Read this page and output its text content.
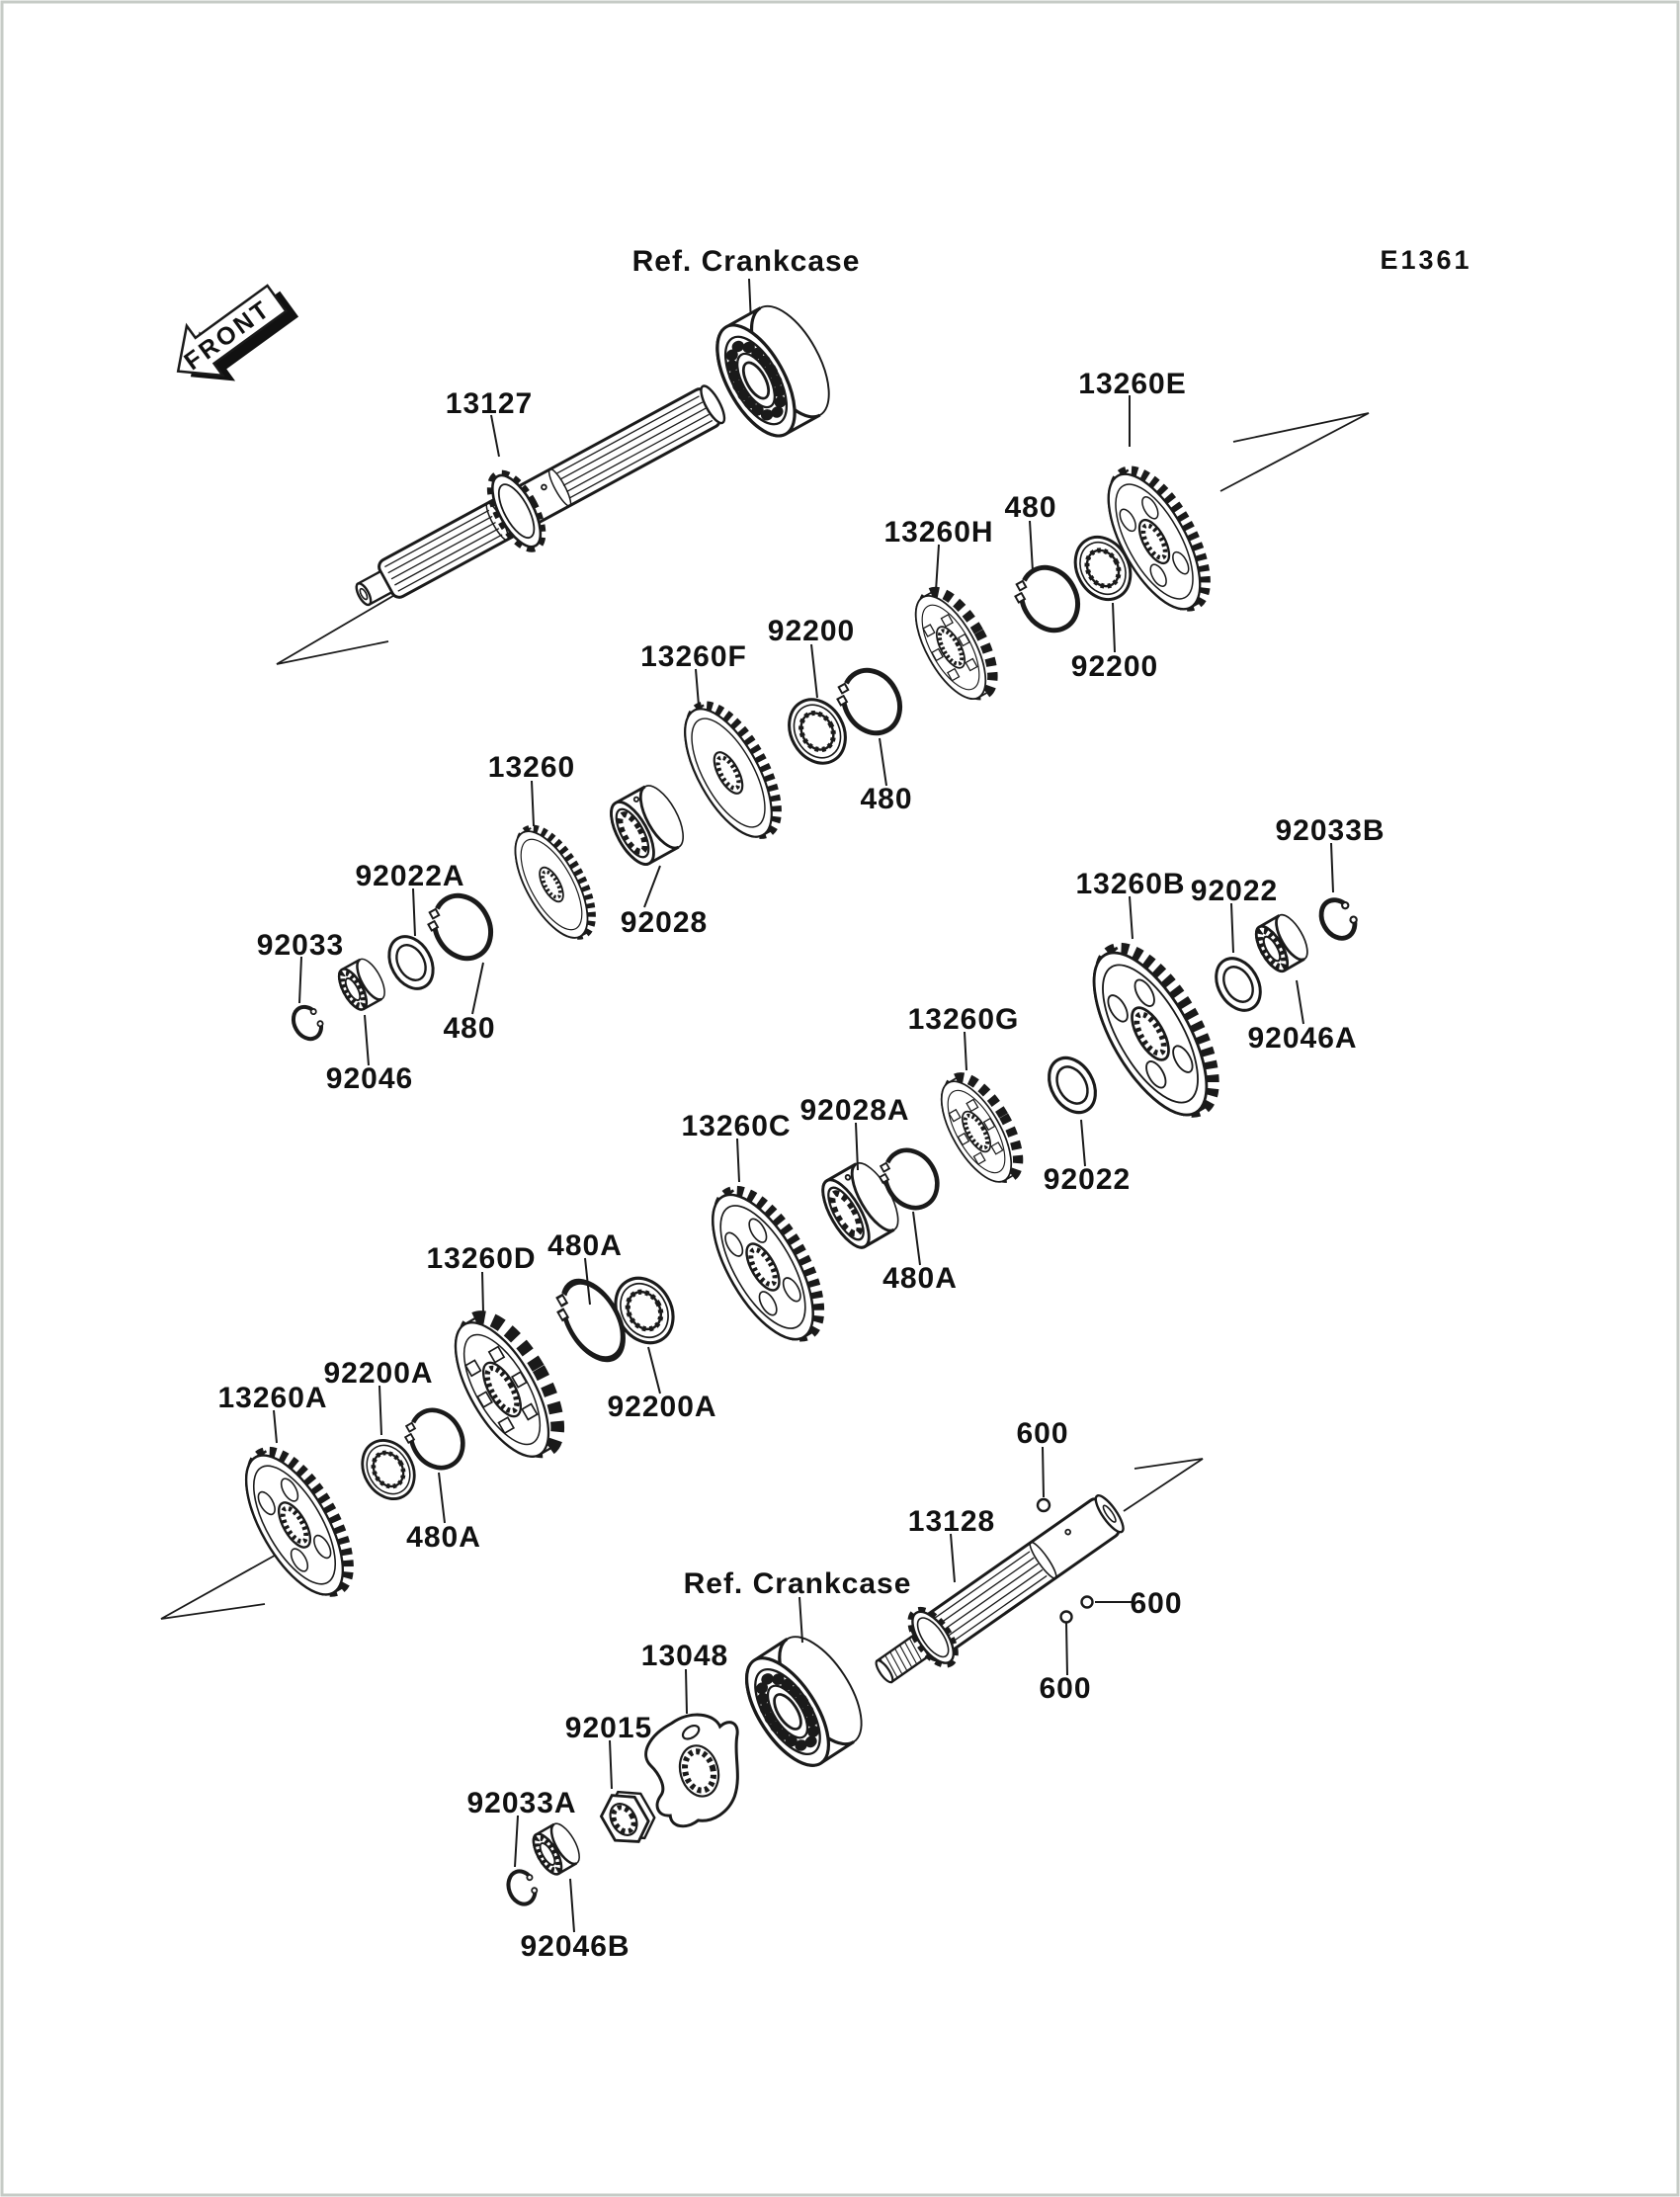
FRONT
Ref. Crankcase	E1361
13127
13260E
480
13260H
92200
13260F	92200
480
13260
92022A
92028
92033B
13260B 92022
92033
480	92046A
92046
13260G
13260C 92028A
92022
480A
13260D
480A
92200A
13260A	92200A
600
480A	13128
Ref. Crankcase
600
13048
600
92015
92033A
92046B
